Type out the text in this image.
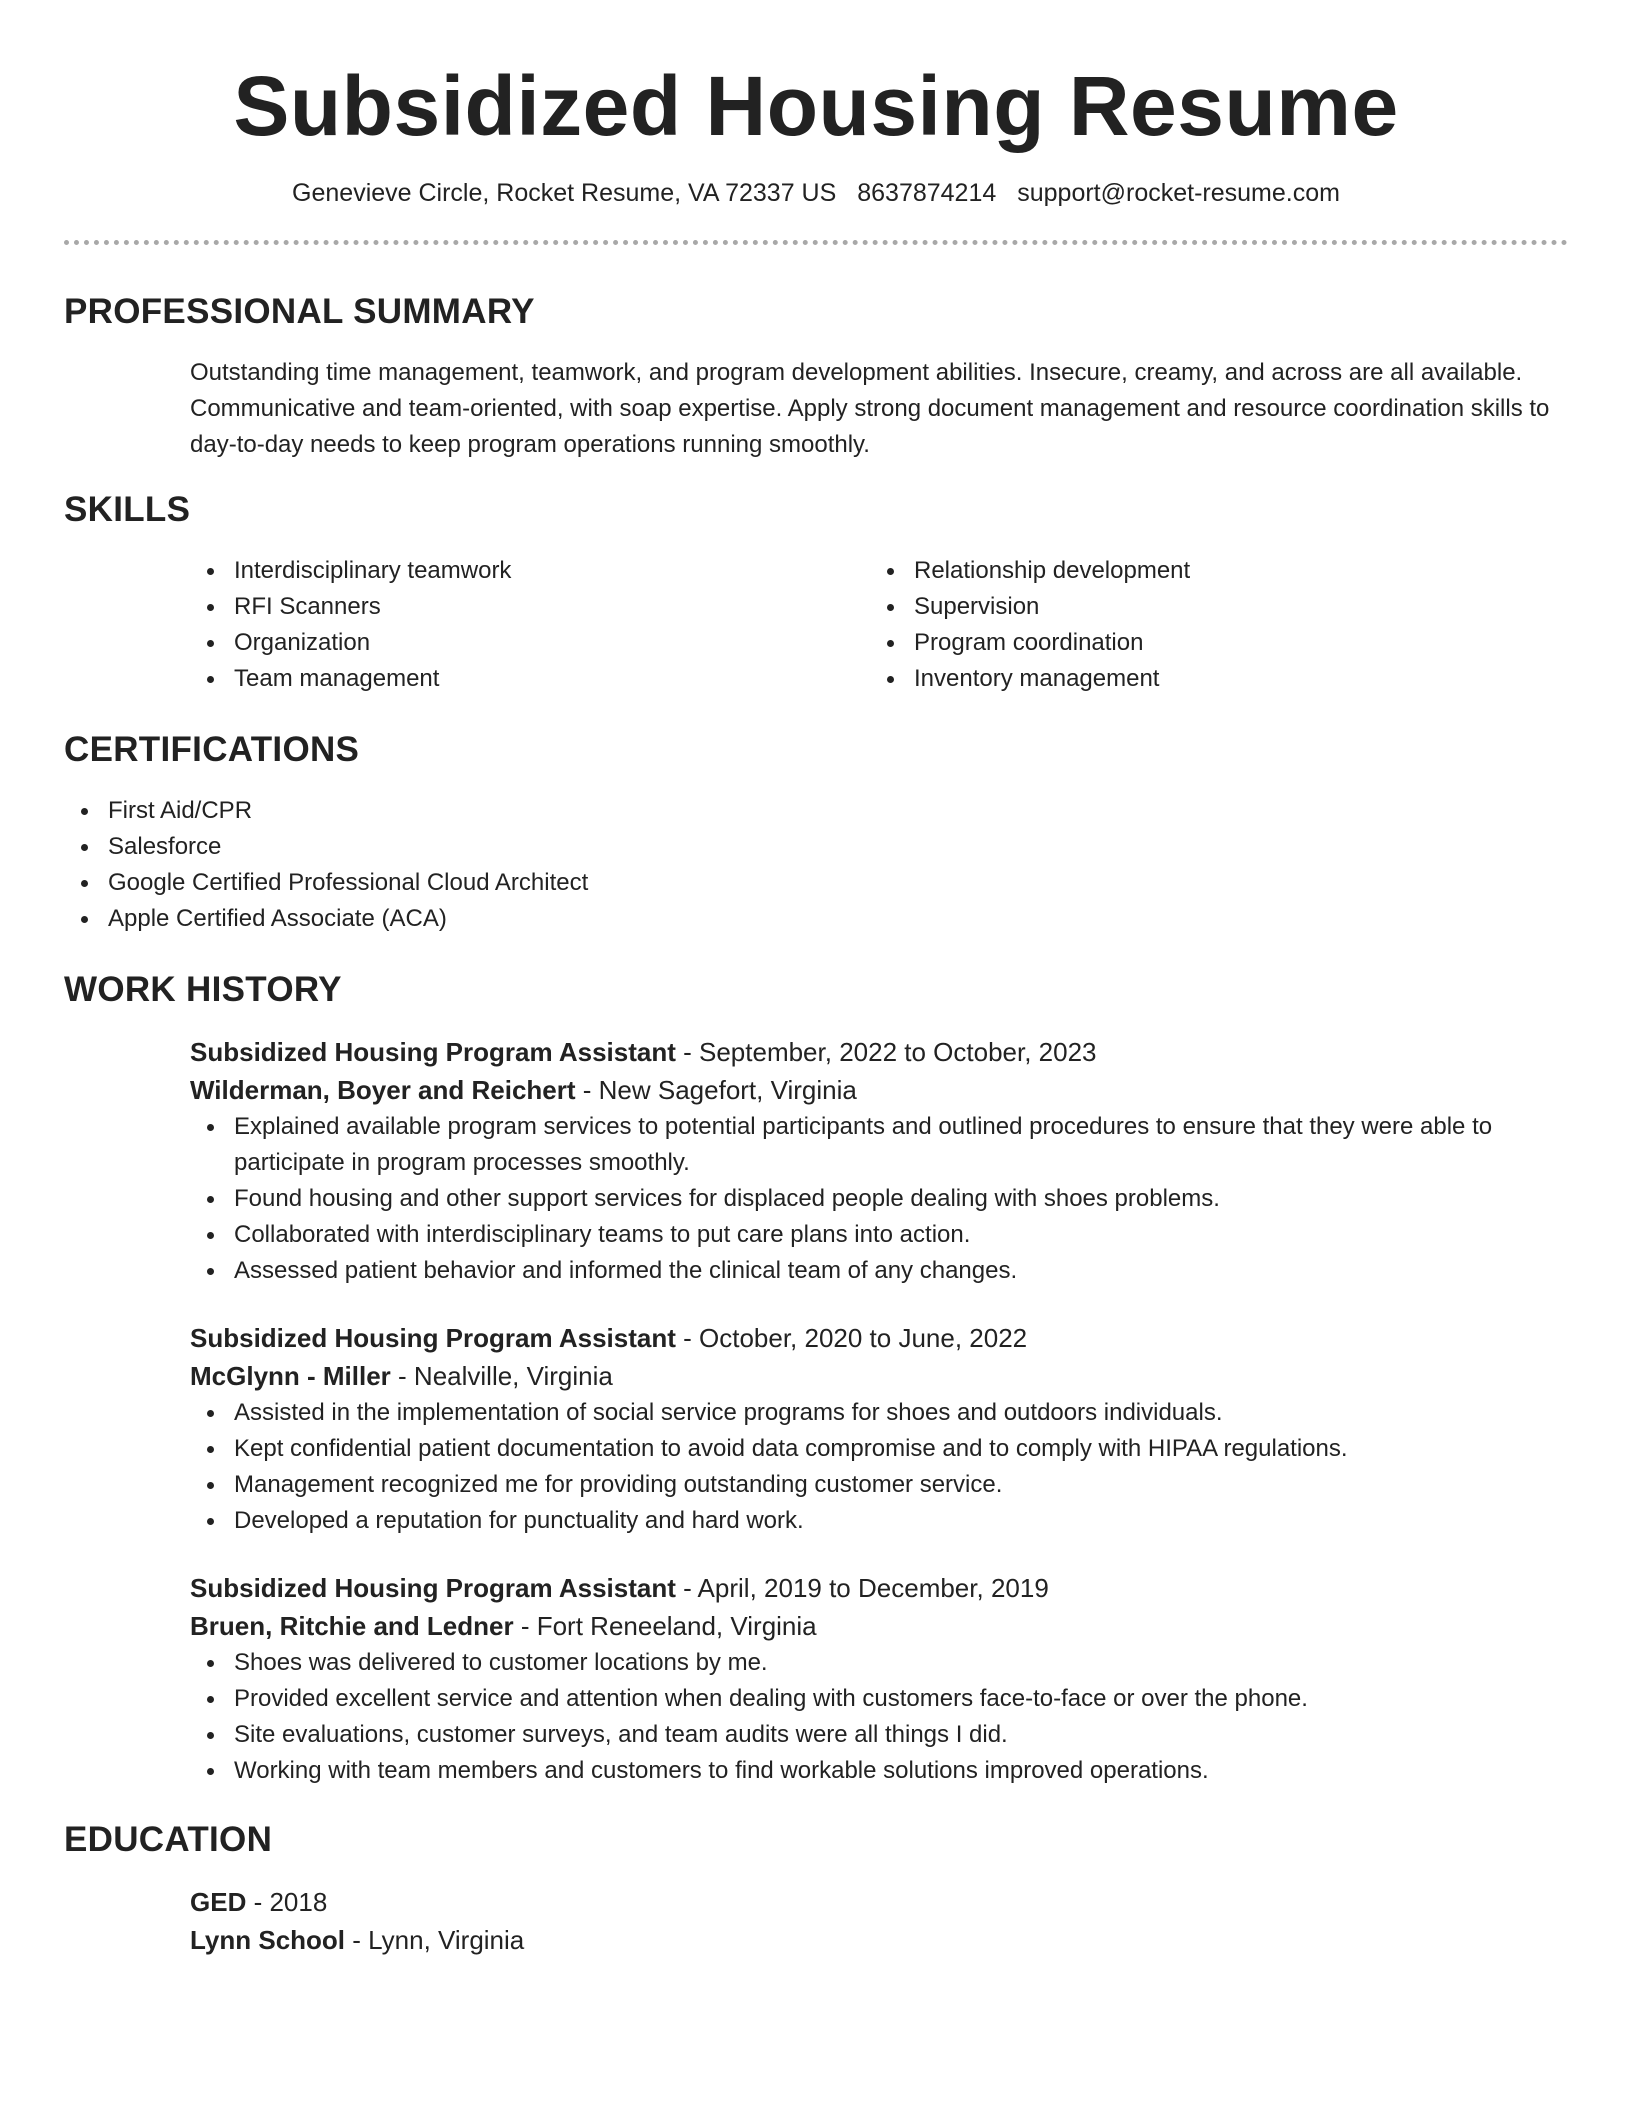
Subsidized Housing Resume
Genevieve Circle, Rocket Resume, VA 72337 US 8637874214 support@rocket-resume.com
PROFESSIONAL SUMMARY

Outstanding time management, teamwork, and program development abilities. Insecure, creamy, and across are all available. Communicative and team-oriented, with soap expertise. Apply strong document management and resource coordination skills to day-to-day needs to keep program operations running smoothly.

SKILLS
Interdisciplinary teamwork
RFI Scanners
Organization
Team management
Relationship development
Supervision
Program coordination
Inventory management
CERTIFICATIONS
First Aid/CPR
Salesforce
Google Certified Professional Cloud Architect
Apple Certified Associate (ACA)
WORK HISTORY
Subsidized Housing Program Assistant - September, 2022 to October, 2023
Wilderman, Boyer and Reichert - New Sagefort, Virginia
Explained available program services to potential participants and outlined procedures to ensure that they were able to participate in program processes smoothly.
Found housing and other support services for displaced people dealing with shoes problems.
Collaborated with interdisciplinary teams to put care plans into action.
Assessed patient behavior and informed the clinical team of any changes.
Subsidized Housing Program Assistant - October, 2020 to June, 2022
McGlynn - Miller - Nealville, Virginia
Assisted in the implementation of social service programs for shoes and outdoors individuals.
Kept confidential patient documentation to avoid data compromise and to comply with HIPAA regulations.
Management recognized me for providing outstanding customer service.
Developed a reputation for punctuality and hard work.
Subsidized Housing Program Assistant - April, 2019 to December, 2019
Bruen, Ritchie and Ledner - Fort Reneeland, Virginia
Shoes was delivered to customer locations by me.
Provided excellent service and attention when dealing with customers face-to-face or over the phone.
Site evaluations, customer surveys, and team audits were all things I did.
Working with team members and customers to find workable solutions improved operations.
EDUCATION
GED - 2018
Lynn School - Lynn, Virginia
